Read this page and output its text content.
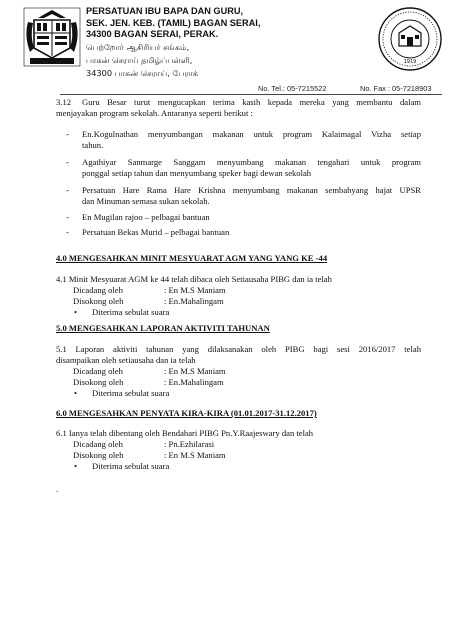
PERSATUAN IBU BAPA DAN GURU,
SEK. JEN. KEB. (TAMIL) BAGAN SERAI,
34300 BAGAN SERAI, PERAK.
பெற்றோர் ஆசிரியர் சங்கம்,
பாகன் செராய் தமிழ்ப்பள்ளி,
34300 பாகன் செராய், பேராக்
1919
No. Tel.: 05-7215522	No. Fax : 05-7218903
3.12 Guru Besar turut mengucapkan terima kasih kepada mereka yang membantu dalam
menjayakan program sekolah. Antaranya seperti berikut :
- En.Kogulnathan menyumbangan makanan untuk program Kalaimagal Vizha setiap
tahun.
- Agathiyar Sanmarge Sanggam menyumbang makanan tengahari untuk program
ponggal setiap tahun dan menyumbang speker bagi dewan sekolah
- Persatuan Hare Rama Hare Krishna menyumbang makanan sembahyang hajat UPSR
dan Minuman semasa sukan sekolah.
- En Mugilan rajoo – pelbagai bantuan
- Persatuan Bekas Murid – pelbagai bantuan
4.0 MENGESAHKAN MINIT MESYUARAT AGM YANG YANG KE -44
4.1 Minit Mesyuarat AGM ke 44 telah dibaca oleh Setiausaha PIBG dan ia telah
Dicadang oleh	: En M.S Maniam
Disokong oleh	: En.Mahalingam
• Diterima sebulat suara
5.0 MENGESAHKAN LAPORAN AKTIVITI TAHUNAN
5.1 Laporan aktiviti tahunan yang dilaksanakan oleh PIBG bagi sesi 2016/2017 telah
disampaikan oleh setiausaha dan ia telah
Dicadang oleh	: En M.S Maniam
Disokong oleh	: En.Mahalingam
• Diterima sebulat suara
6.0 MENGESAHKAN PENYATA KIRA-KIRA (01.01.2017-31.12.2017)
6.1 Ianya telah dibentang oleh Bendahari PIBG Pn.Y.Raajeswary dan telah
Dicadang oleh	: Pn.Ezhilarasi
Disokong oleh	: En M.S Maniam
• Diterima sebulat suara
.
